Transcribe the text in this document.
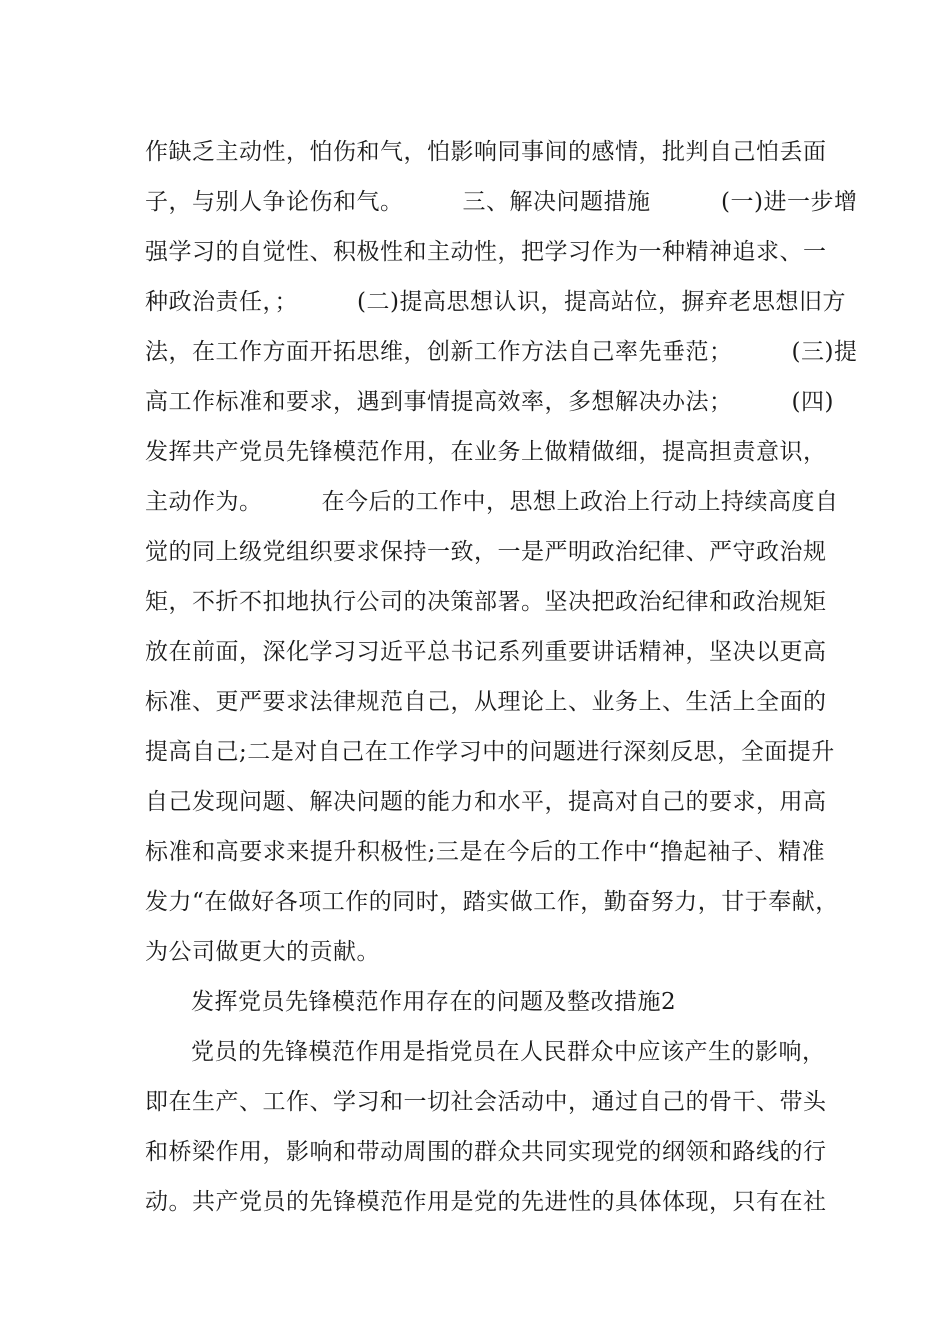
作缺乏主动性，怕伤和气，怕影响同事间的感情，批判自己怕丢面
子，与别人争论伤和气。　　　三、解决问题措施　　　(一)进一步增
强学习的自觉性、积极性和主动性，把学习作为一种精神追求、一
种政治责任，；　　　(二)提高思想认识，提高站位，摒弃老思想旧方
法，在工作方面开拓思维，创新工作方法自己率先垂范；　　　(三)提
高工作标准和要求，遇到事情提高效率，多想解决办法；　　　(四)
发挥共产党员先锋模范作用，在业务上做精做细，提高担责意识，
主动作为。　　　在今后的工作中，思想上政治上行动上持续高度自
觉的同上级党组织要求保持一致，一是严明政治纪律、严守政治规
矩，不折不扣地执行公司的决策部署。坚决把政治纪律和政治规矩
放在前面，深化学习习近平总书记系列重要讲话精神，坚决以更高
标准、更严要求法律规范自己，从理论上、业务上、生活上全面的
提高自己;二是对自己在工作学习中的问题进行深刻反思，全面提升
自己发现问题、解决问题的能力和水平，提高对自己的要求，用高
标准和高要求来提升积极性;三是在今后的工作中“撸起袖子、精准
发力“在做好各项工作的同时，踏实做工作，勤奋努力，甘于奉献，
为公司做更大的贡献。
发挥党员先锋模范作用存在的问题及整改措施2
党员的先锋模范作用是指党员在人民群众中应该产生的影响，
即在生产、工作、学习和一切社会活动中，通过自己的骨干、带头
和桥梁作用，影响和带动周围的群众共同实现党的纲领和路线的行
动。共产党员的先锋模范作用是党的先进性的具体体现，只有在社
